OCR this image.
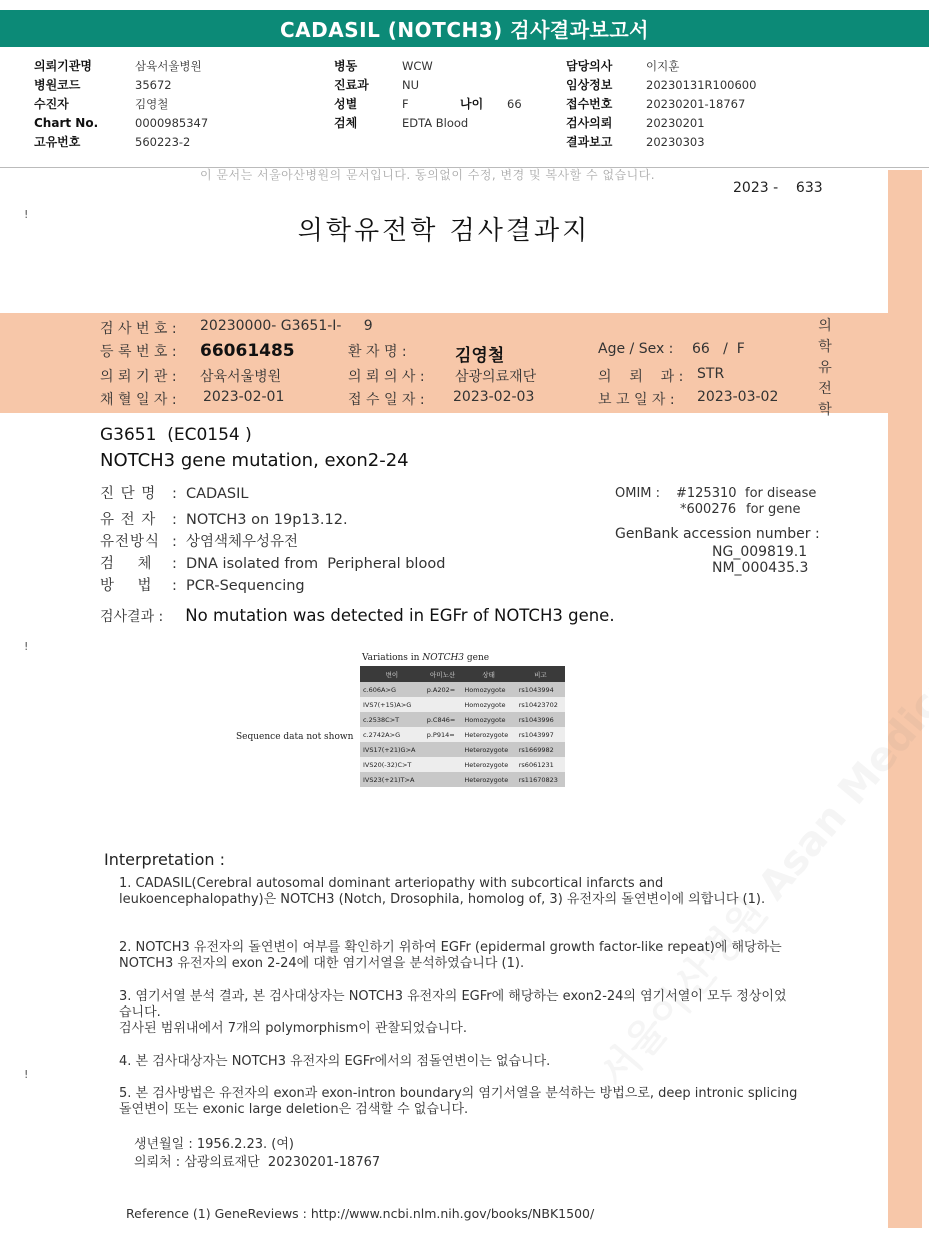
CADASIL (NOTCH3) 검사결과보고서
의뢰기관명	삼육서울병원
병원코드	35672
수진자	김영철
Chart No.	0000985347
고유번호	560223-2
병동	WCW
진료과	NU
성별	F	나이	66
검체	EDTA Blood
담당의사	이지훈
임상정보	20230131R100600
접수번호	20230201-18767
검사의뢰	20230201
결과보고	20230303
이 문서는 서울아산병원의 문서입니다. 동의없이 수정, 변경 및 복사할 수 없습니다.
2023 -    633
의학유전학 검사결과지
!
!
!
검 사 번 호 : 20230000- G3651-I-     9
등 록 번 호 : 66061485	환 자 명 :	김영철	Age / Sex : 66   /  F
의 뢰 기 관 : 삼육서울병원	의 뢰 의 사 : 삼광의료재단	의    뢰    과 : STR
채 혈 일 자 : 2023-02-01	접 수 일 자 : 2023-02-03	보 고 일 자 : 2023-03-02
의
학
유
전
학
G3651  (EC0154 )
NOTCH3 gene mutation, exon2-24
진 단 명 : CADASIL
유 전 자 : NOTCH3 on 19p13.12.
유전방식 : 상염색체우성유전
검    체 : DNA isolated from  Peripheral blood
방    법 : PCR-Sequencing
OMIM : #125310 for disease
*600276 for gene
GenBank accession number :
NG_009819.1
NM_000435.3
검사결과 : No mutation was detected in EGFr of NOTCH3 gene.
Variations in NOTCH3 gene
변이	아미노산	상태	비고
c.606A>G	p.A202=	Homozygote	rs1043994
IVS7(+15)A>G		Homozygote	rs10423702
c.2538C>T	p.C846=	Homozygote	rs1043996
c.2742A>G	p.P914=	Heterozygote	rs1043997
IVS17(+21)G>A		Heterozygote	rs1669982
IVS20(-32)C>T		Heterozygote	rs6061231
IVS23(+21)T>A		Heterozygote	rs11670823
Sequence data not shown
Interpretation :
1. CADASIL(Cerebral autosomal dominant arteriopathy with subcortical infarcts and leukoencephalopathy)은 NOTCH3 (Notch, Drosophila, homolog of, 3) 유전자의 돌연변이에 의합니다 (1).
2. NOTCH3 유전자의 돌연변이 여부를 확인하기 위하여 EGFr (epidermal growth factor-like repeat)에 해당하는 NOTCH3 유전자의 exon 2-24에 대한 염기서열을 분석하였습니다 (1).
3. 염기서열 분석 결과, 본 검사대상자는 NOTCH3 유전자의 EGFr에 해당하는 exon2-24의 염기서열이 모두 정상이었습니다.
검사된 범위내에서 7개의 polymorphism이 관찰되었습니다.
4. 본 검사대상자는 NOTCH3 유전자의 EGFr에서의 점돌연변이는 없습니다.
5. 본 검사방법은 유전자의 exon과 exon-intron boundary의 염기서열을 분석하는 방법으로, deep intronic splicing 돌연변이 또는 exonic large deletion은 검색할 수 없습니다.
생년월일 : 1956.2.23. (여)
의뢰처 : 삼광의료재단  20230201-18767
Reference (1) GeneReviews : http://www.ncbi.nlm.nih.gov/books/NBK1500/
